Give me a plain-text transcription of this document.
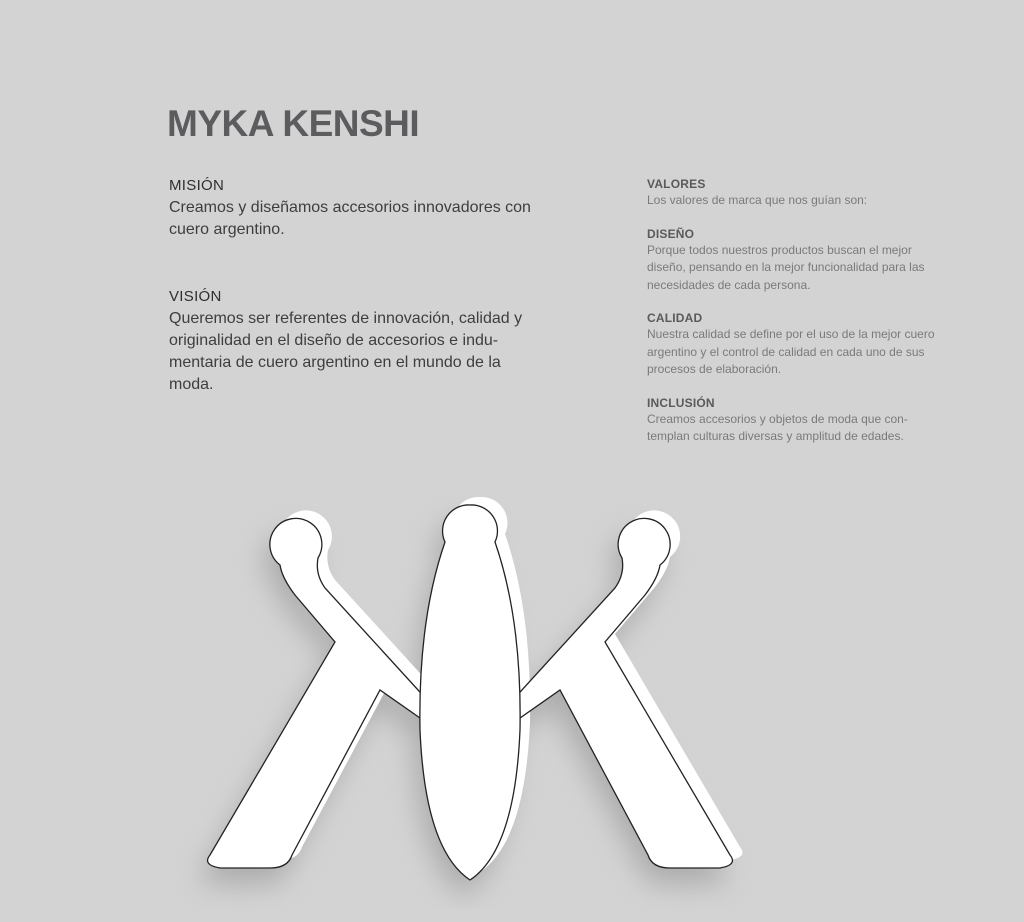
MYKA KENSHI

MISIÓN

Creamos y diseñamos accesorios innovadores con cuero argentino.

VISIÓN

Queremos ser referentes de innovación, calidad y originalidad en el diseño de accesorios e indu-mentaria de cuero argentino en el mundo de la moda.

VALORES

Los valores de marca que nos guían son:

DISEÑO

Porque todos nuestros productos buscan el mejor diseño, pensando en la mejor funcionalidad para las necesidades de cada persona.

CALIDAD

Nuestra calidad se define por el uso de la mejor cuero argentino y el control de calidad en cada uno de sus procesos de elaboración.

INCLUSIÓN

Creamos accesorios y objetos de moda que con-templan culturas diversas y amplitud de edades.
